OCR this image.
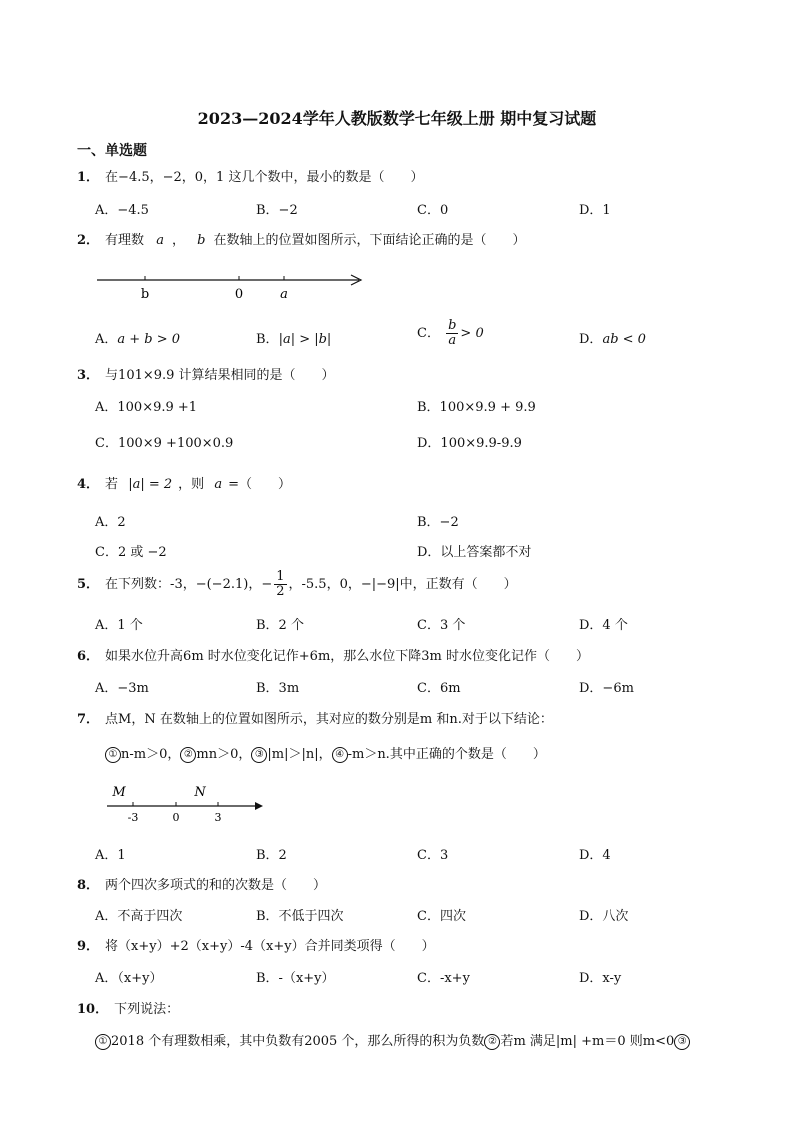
2023—2024学年人教版数学七年级上册 期中复习试题
一、单选题
1． 在−4.5，−2，0，1 这几个数中，最小的数是（　　）
A．−4.5	B．−2	C．0	D．1
2． 有理数 a ， b 在数轴上的位置如图所示，下面结论正确的是（　　）
b	0	a
A．a + b > 0	B．|a| > |b|	C． $\frac{b}{a} > 0$	D．ab < 0
3． 与101×9.9 计算结果相同的是（　　）
A．100×9.9 +1	B．100×9.9 + 9.9
C．100×9 +100×0.9	D．100×9.9-9.9
4． 若 |a| = 2 ，则 a =（　　）
A．2	B．−2
C．2 或 −2	D．以上答案都不对
5． 在下列数：-3，−(−2.1)，− $\frac{1}{2}$ ，-5.5，0，−|−9|中，正数有（　　）
A．1 个	B．2 个	C．3 个	D．4 个
6． 如果水位升高6m 时水位变化记作+6m，那么水位下降3m 时水位变化记作（　　）
A．−3m	B．3m	C．6m	D．−6m
7． 点M，N 在数轴上的位置如图所示，其对应的数分别是m 和n.对于以下结论：
① n-m＞0， ② mn＞0， ③ |m|＞|n|， ④ -m＞n.其中正确的个数是（　　）
M	N
-3	0	3
A．1	B．2	C．3	D．4
8． 两个四次多项式的和的次数是（　　）
A．不高于四次	B．不低于四次	C．四次	D．八次
9． 将（x+y）+2（x+y）-4（x+y）合并同类项得（　　）
A．（x+y）	B．-（x+y）	C．-x+y	D．x-y
10． 下列说法：
① 2018 个有理数相乘，其中负数有2005 个，那么所得的积为负数 ② 若m 满足|m| +m＝0 则m<0 ③
